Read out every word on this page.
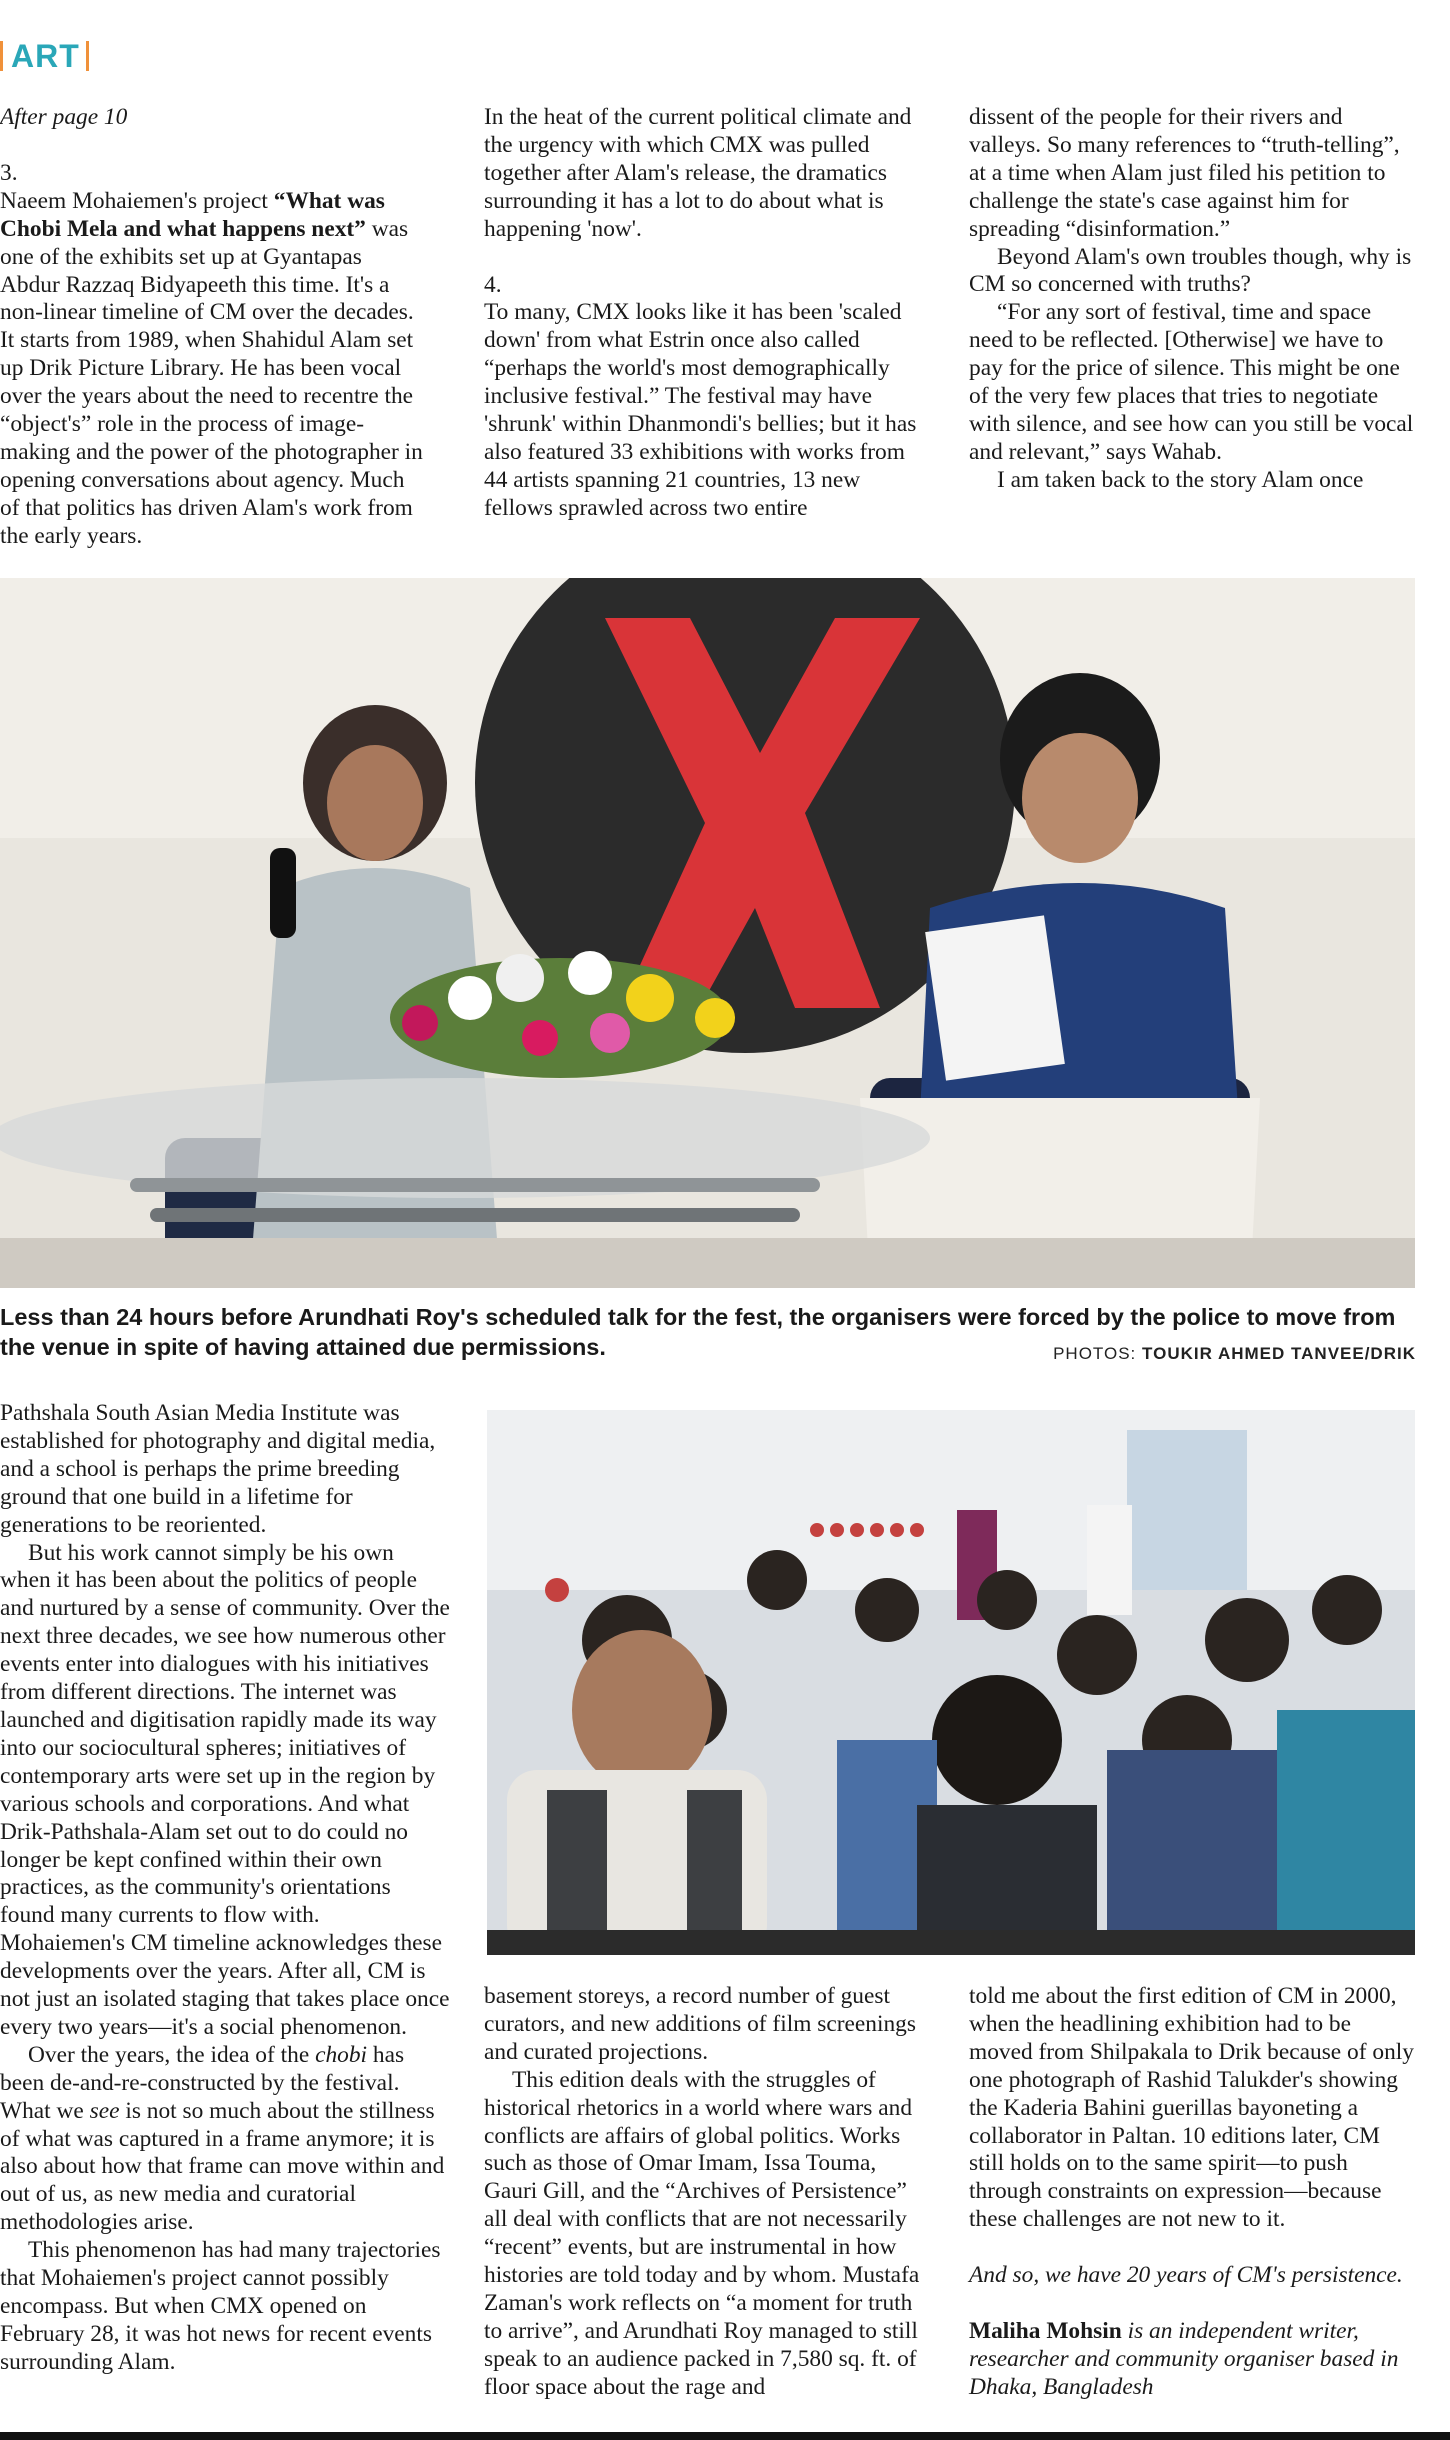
ART

After page 10

3.

Naeem Mohaiemen's project “What was Chobi Mela and what happens next” was one of the exhibits set up at Gyantapas Abdur Razzaq Bidyapeeth this time. It's a non-linear timeline of CM over the decades. It starts from 1989, when Shahidul Alam set up Drik Picture Library. He has been vocal over the years about the need to recentre the “object's” role in the process of image-making and the power of the photographer in opening conversations about agency. Much of that politics has driven Alam's work from the early years.

In the heat of the current political climate and the urgency with which CMX was pulled together after Alam's release, the dramatics surrounding it has a lot to do about what is happening 'now'.

4.

To many, CMX looks like it has been 'scaled down' from what Estrin once also called “perhaps the world's most demographically inclusive festival.” The festival may have 'shrunk' within Dhanmondi's bellies; but it has also featured 33 exhibitions with works from 44 artists spanning 21 countries, 13 new fellows sprawled across two entire

dissent of the people for their rivers and valleys. So many references to “truth-telling”, at a time when Alam just filed his petition to challenge the state's case against him for spreading “disinformation.”

Beyond Alam's own troubles though, why is CM so concerned with truths?

“For any sort of festival, time and space need to be reflected. [Otherwise] we have to pay for the price of silence. This might be one of the very few places that tries to negotiate with silence, and see how can you still be vocal and relevant,” says Wahab.

I am taken back to the story Alam once

Less than 24 hours before Arundhati Roy's scheduled talk for the fest, the organisers were forced by the police to move from the venue in spite of having attained due permissions.	PHOTOS: TOUKIR AHMED TANVEE/DRIK

Pathshala South Asian Media Institute was established for photography and digital media, and a school is perhaps the prime breeding ground that one build in a lifetime for generations to be reoriented.

But his work cannot simply be his own when it has been about the politics of people and nurtured by a sense of community. Over the next three decades, we see how numerous other events enter into dialogues with his initiatives from different directions. The internet was launched and digitisation rapidly made its way into our sociocultural spheres; initiatives of contemporary arts were set up in the region by various schools and corporations. And what Drik-Pathshala-Alam set out to do could no longer be kept confined within their own practices, as the community's orientations found many currents to flow with. Mohaiemen's CM timeline acknowledges these developments over the years. After all, CM is not just an isolated staging that takes place once every two years—it's a social phenomenon.

Over the years, the idea of the chobi has been de-and-re-constructed by the festival. What we see is not so much about the stillness of what was captured in a frame anymore; it is also about how that frame can move within and out of us, as new media and curatorial methodologies arise.

This phenomenon has had many trajectories that Mohaiemen's project cannot possibly encompass. But when CMX opened on February 28, it was hot news for recent events surrounding Alam.

basement storeys, a record number of guest curators, and new additions of film screenings and curated projections.

This edition deals with the struggles of historical rhetorics in a world where wars and conflicts are affairs of global politics. Works such as those of Omar Imam, Issa Touma, Gauri Gill, and the “Archives of Persistence” all deal with conflicts that are not necessarily “recent” events, but are instrumental in how histories are told today and by whom. Mustafa Zaman's work reflects on “a moment for truth to arrive”, and Arundhati Roy managed to still speak to an audience packed in 7,580 sq. ft. of floor space about the rage and

told me about the first edition of CM in 2000, when the headlining exhibition had to be moved from Shilpakala to Drik because of only one photograph of Rashid Talukder's showing the Kaderia Bahini guerillas bayoneting a collaborator in Paltan. 10 editions later, CM still holds on to the same spirit—to push through constraints on expression—because these challenges are not new to it.

And so, we have 20 years of CM's persistence.

Maliha Mohsin is an independent writer, researcher and community organiser based in Dhaka, Bangladesh
